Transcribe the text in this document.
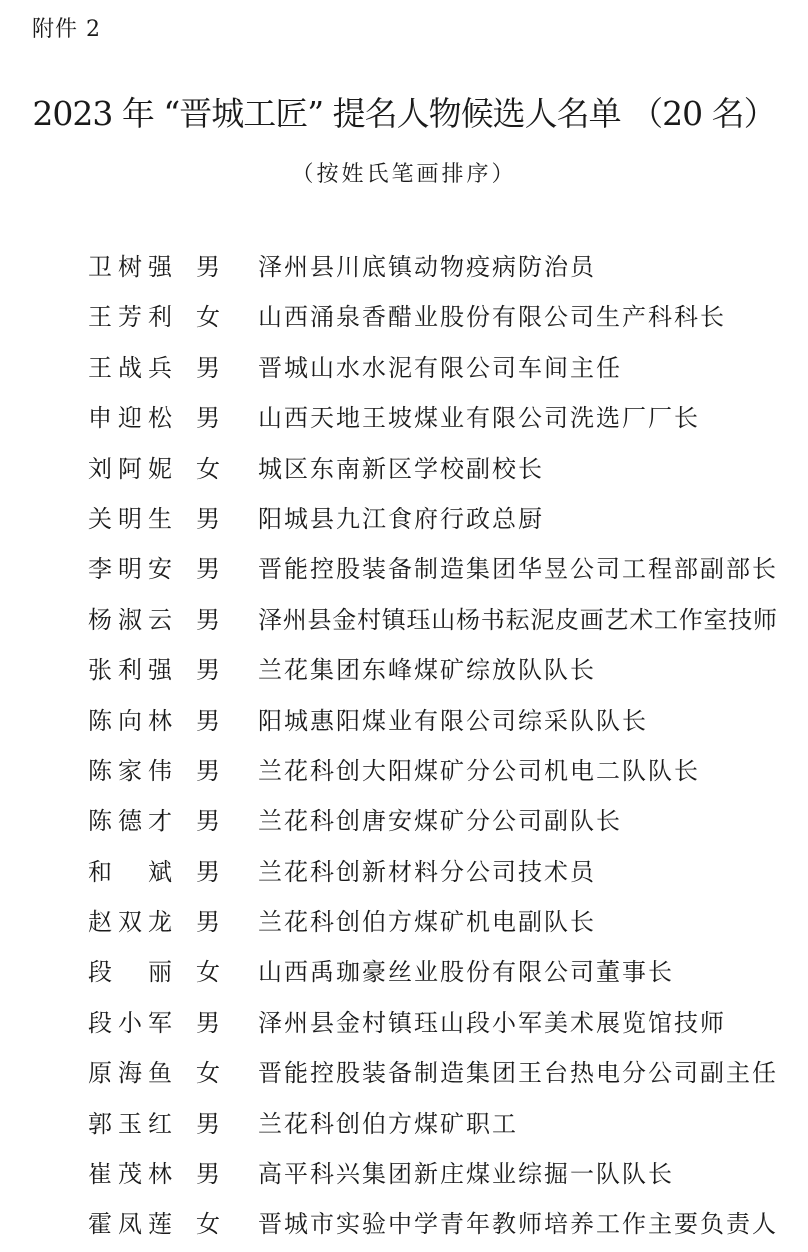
附件 2
2023 年 “晋城工匠” 提名人物候选人名单 （20 名）
（按姓氏笔画排序）
卫树强 男 泽州县川底镇动物疫病防治员
王芳利 女 山西涌泉香醋业股份有限公司生产科科长
王战兵 男 晋城山水水泥有限公司车间主任
申迎松 男 山西天地王坡煤业有限公司洗选厂厂长
刘阿妮 女 城区东南新区学校副校长
关明生 男 阳城县九江食府行政总厨
李明安 男 晋能控股装备制造集团华昱公司工程部副部长
杨淑云 男 泽州县金村镇珏山杨书耘泥皮画艺术工作室技师
张利强 男 兰花集团东峰煤矿综放队队长
陈向林 男 阳城惠阳煤业有限公司综采队队长
陈家伟 男 兰花科创大阳煤矿分公司机电二队队长
陈德才 男 兰花科创唐安煤矿分公司副队长
和 斌 男 兰花科创新材料分公司技术员
赵双龙 男 兰花科创伯方煤矿机电副队长
段 丽 女 山西禹珈豪丝业股份有限公司董事长
段小军 男 泽州县金村镇珏山段小军美术展览馆技师
原海鱼 女 晋能控股装备制造集团王台热电分公司副主任
郭玉红 男 兰花科创伯方煤矿职工
崔茂林 男 高平科兴集团新庄煤业综掘一队队长
霍凤莲 女 晋城市实验中学青年教师培养工作主要负责人
